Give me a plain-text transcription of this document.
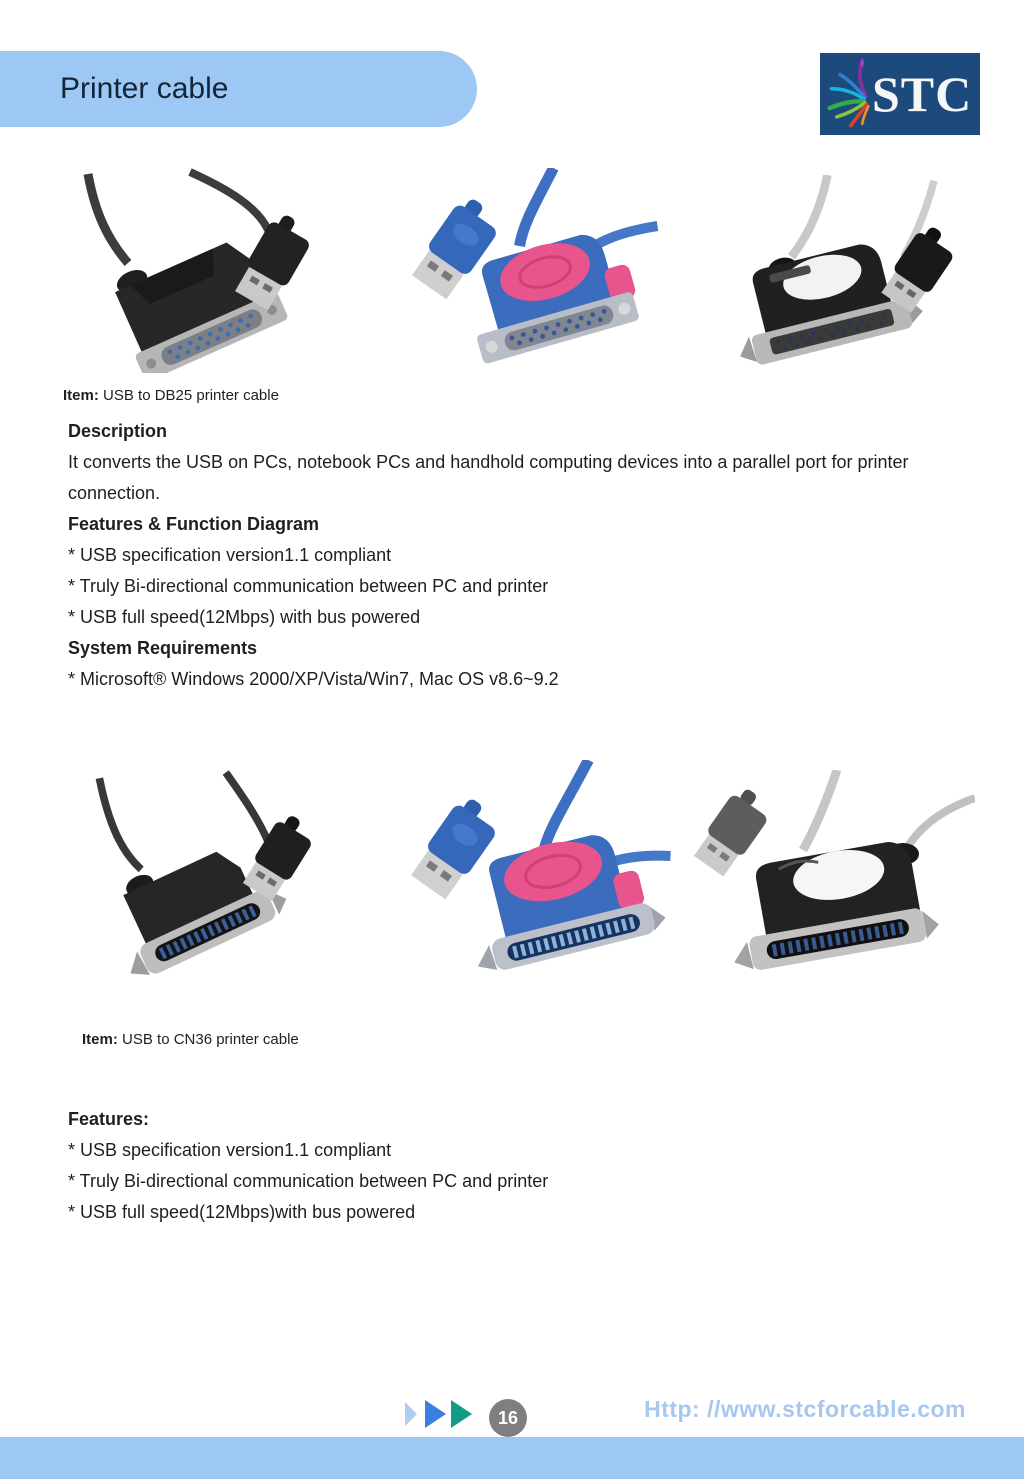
Printer cable	STC
Item: USB to DB25 printer cable
Description
It converts the USB on PCs, notebook PCs and handhold computing devices into a parallel port for printer connection.
Features & Function Diagram
* USB specification version1.1 compliant
* Truly Bi-directional communication between PC and printer
* USB full speed(12Mbps) with bus powered
System Requirements
* Microsoft® Windows 2000/XP/Vista/Win7, Mac OS v8.6~9.2
Item: USB to CN36 printer cable
Features:
* USB specification version1.1 compliant
* Truly Bi-directional communication between PC and printer
* USB full speed(12Mbps)with bus powered
16	Http: //www.stcforcable.com
